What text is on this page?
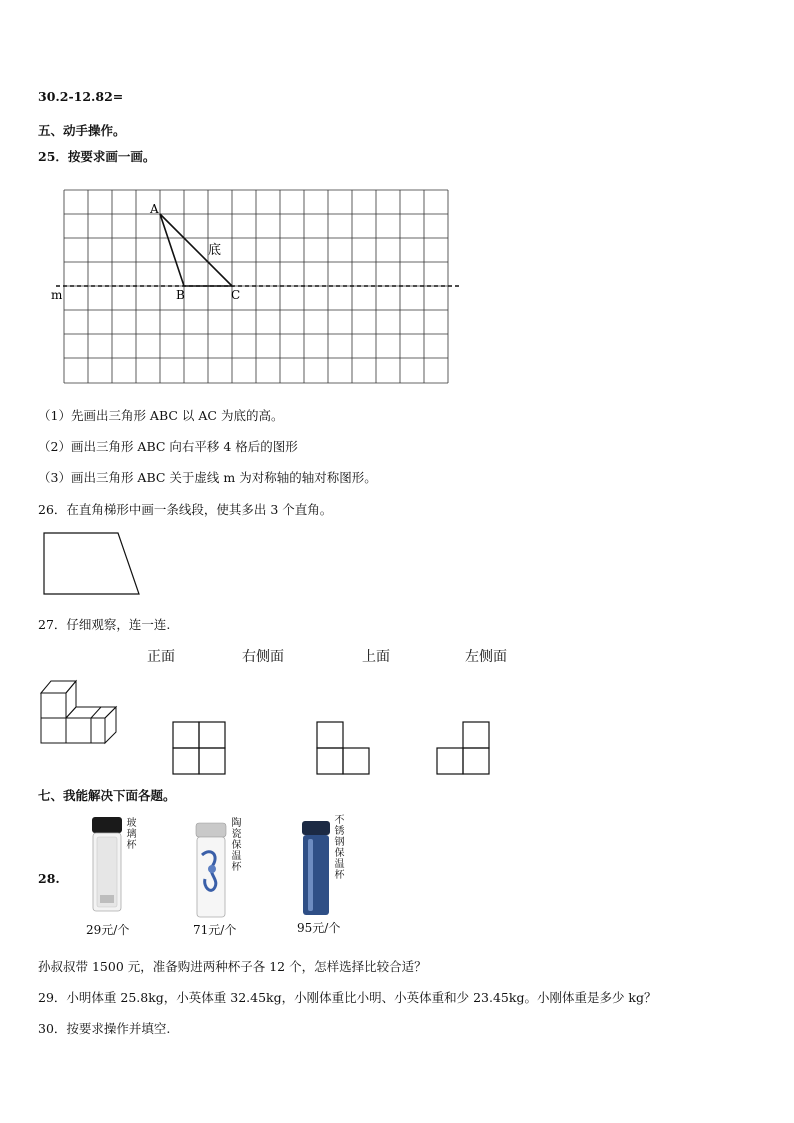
30.2-12.82=
五、动手操作。
25．按要求画一画。
A
B	C
底
m
（1）先画出三角形 ABC 以 AC 为底的高。
（2）画出三角形 ABC 向右平移 4 格后的图形
（3）画出三角形 ABC 关于虚线 m 为对称轴的轴对称图形。
26．在直角梯形中画一条线段，使其多出 3 个直角。
27．仔细观察，连一连.
正面	右侧面	上面	左侧面
七、我能解决下面各题。
28.
玻璃杯
29元/个
陶瓷保温杯
71元/个
不锈钢保温杯
95元/个
孙叔叔带 1500 元，准备购进两种杯子各 12 个，怎样选择比较合适？
29．小明体重 25.8kg，小英体重 32.45kg，小刚体重比小明、小英体重和少 23.45kg。小刚体重是多少 kg？
30．按要求操作并填空.
